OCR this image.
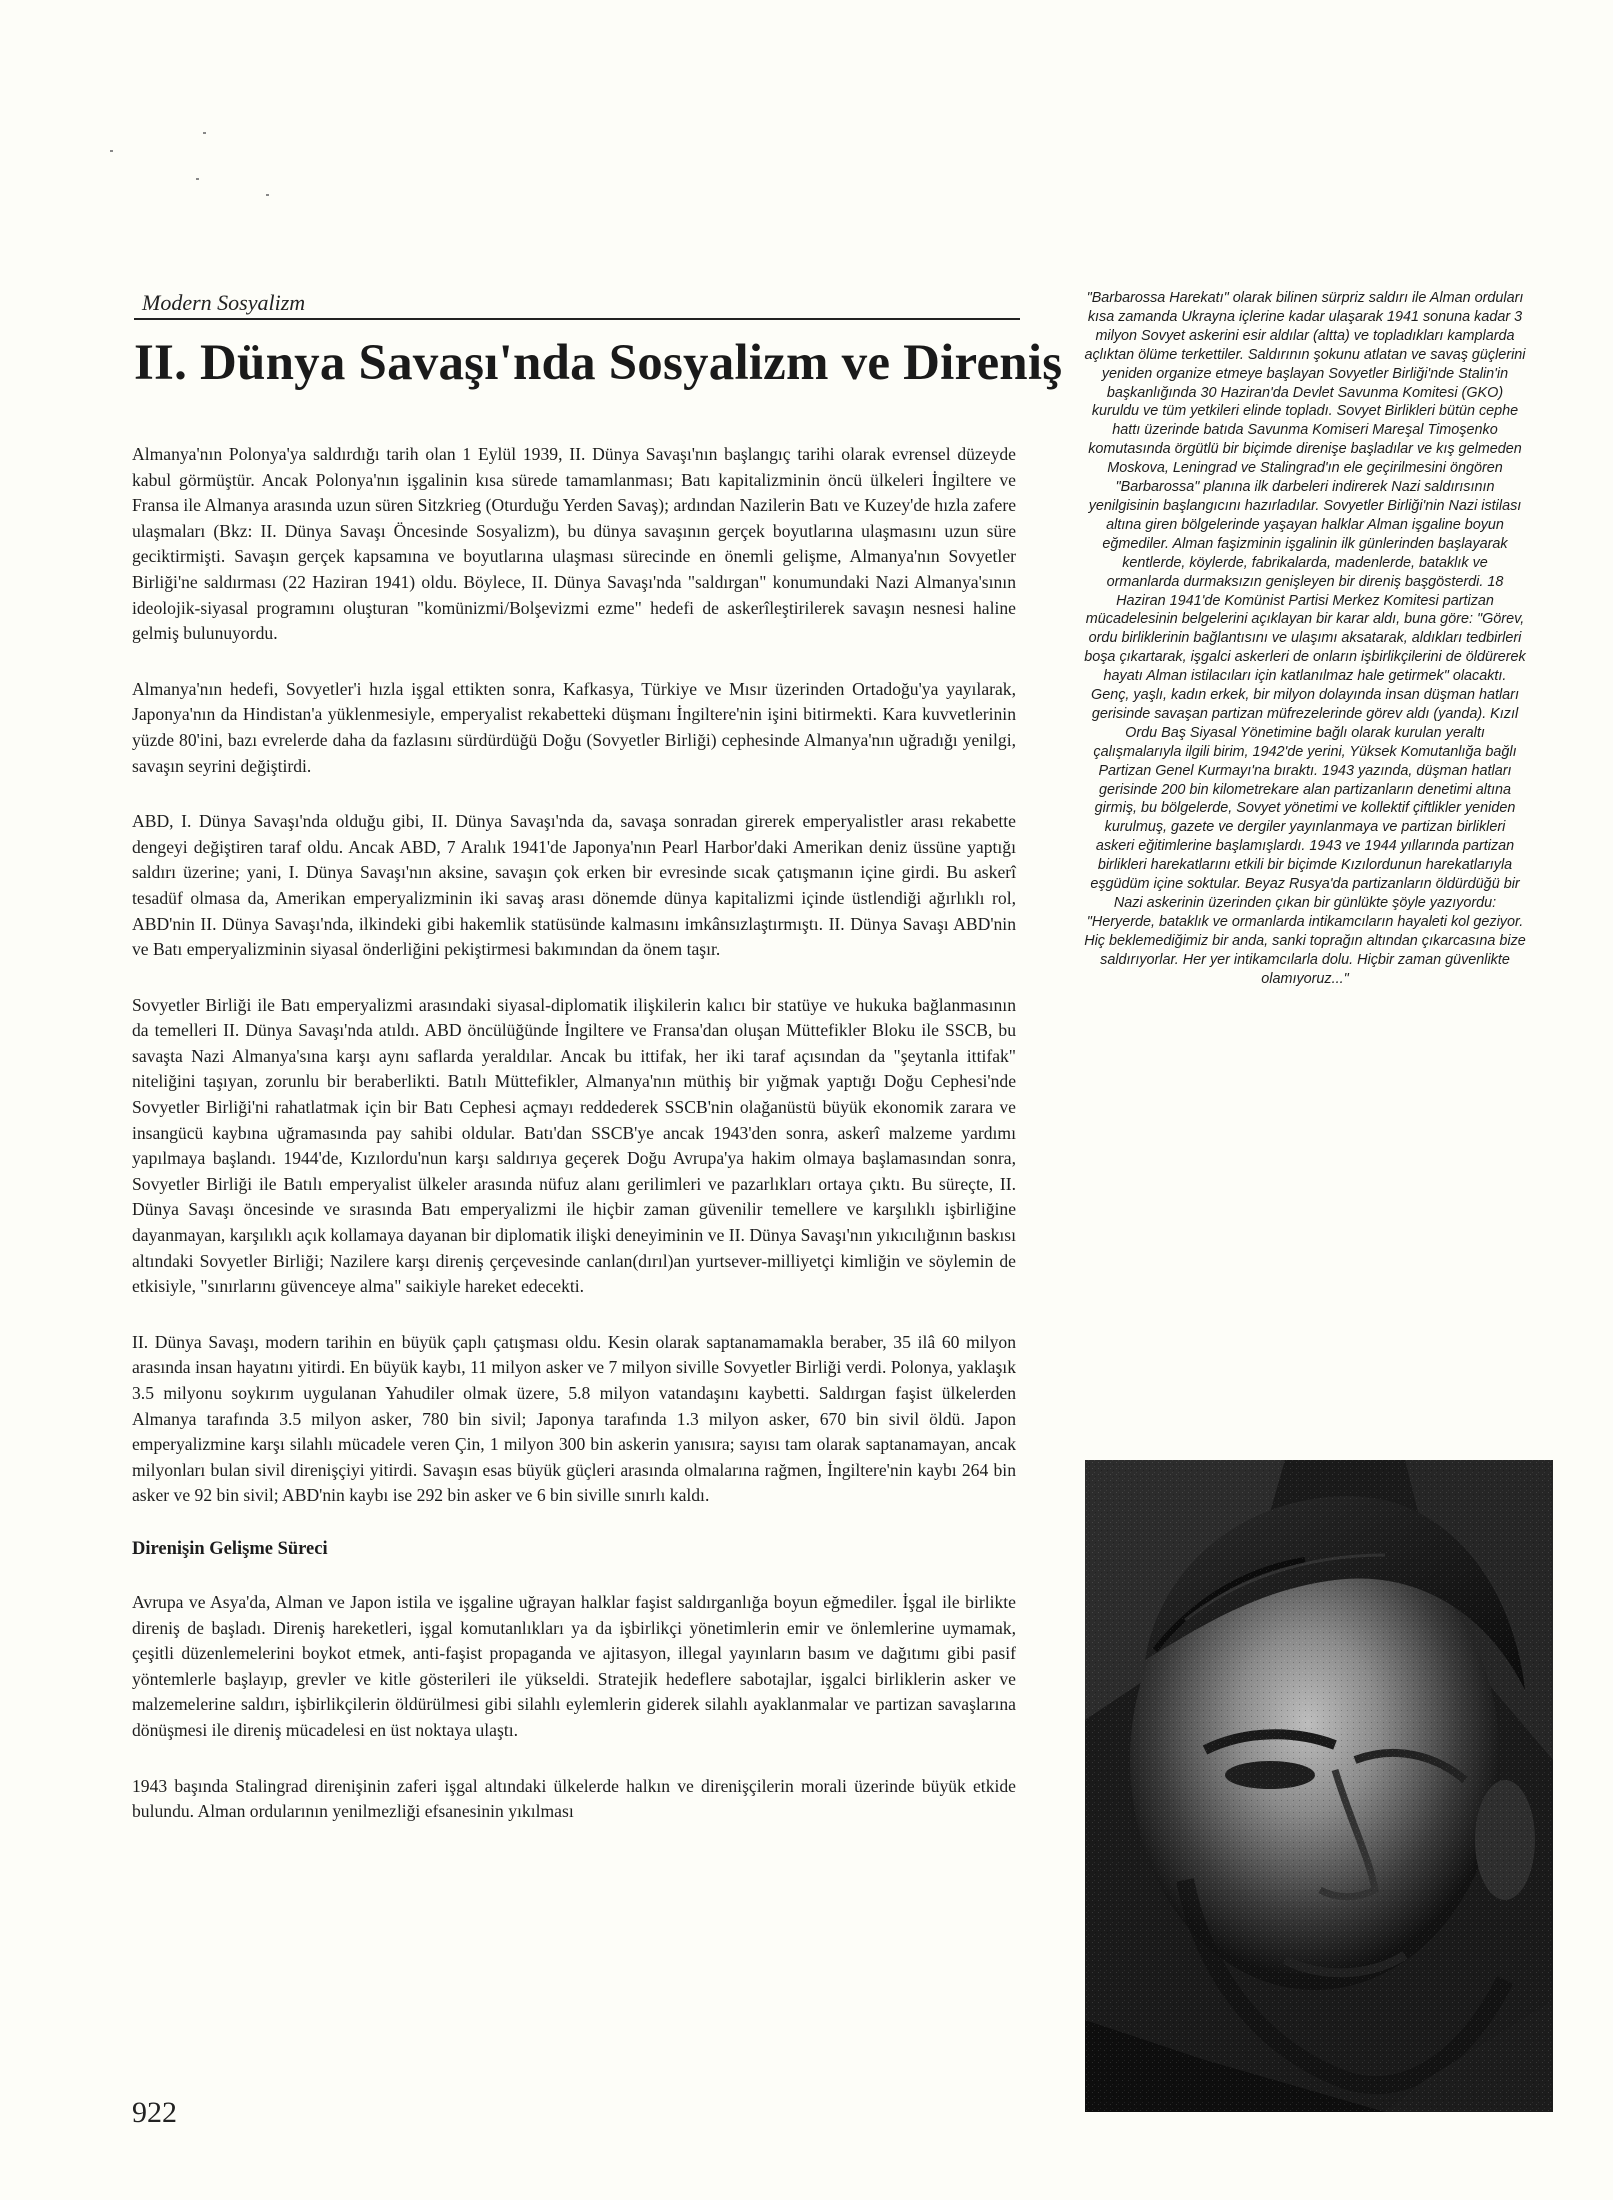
Modern Sosyalizm
II. Dünya Savaşı'nda Sosyalizm ve Direniş

Almanya'nın Polonya'ya saldırdığı tarih olan 1 Eylül 1939, II. Dünya Savaşı'nın başlangıç tarihi olarak evrensel düzeyde kabul görmüştür. Ancak Polonya'nın işgalinin kısa sürede tamamlanması; Batı kapitalizminin öncü ülkeleri İngiltere ve Fransa ile Almanya arasında uzun süren Sitzkrieg (Oturduğu Yerden Savaş); ardından Nazilerin Batı ve Kuzey'de hızla zafere ulaşmaları (Bkz: II. Dünya Savaşı Öncesinde Sosyalizm), bu dünya savaşının gerçek boyutlarına ulaşmasını uzun süre geciktirmişti. Savaşın gerçek kapsamına ve boyutlarına ulaşması sürecinde en önemli gelişme, Almanya'nın Sovyetler Birliği'ne saldırması (22 Haziran 1941) oldu. Böylece, II. Dünya Savaşı'nda "saldırgan" konumundaki Nazi Almanya'sının ideolojik-siyasal programını oluşturan "komünizmi/Bolşevizmi ezme" hedefi de askerîleştirilerek savaşın nesnesi haline gelmiş bulunuyordu.

Almanya'nın hedefi, Sovyetler'i hızla işgal ettikten sonra, Kafkasya, Türkiye ve Mısır üzerinden Ortadoğu'ya yayılarak, Japonya'nın da Hindistan'a yüklenmesiyle, emperyalist rekabetteki düşmanı İngiltere'nin işini bitirmekti. Kara kuvvetlerinin yüzde 80'ini, bazı evrelerde daha da fazlasını sürdürdüğü Doğu (Sovyetler Birliği) cephesinde Almanya'nın uğradığı yenilgi, savaşın seyrini değiştirdi.

ABD, I. Dünya Savaşı'nda olduğu gibi, II. Dünya Savaşı'nda da, savaşa sonradan girerek emperyalistler arası rekabette dengeyi değiştiren taraf oldu. Ancak ABD, 7 Aralık 1941'de Japonya'nın Pearl Harbor'daki Amerikan deniz üssüne yaptığı saldırı üzerine; yani, I. Dünya Savaşı'nın aksine, savaşın çok erken bir evresinde sıcak çatışmanın içine girdi. Bu askerî tesadüf olmasa da, Amerikan emperyalizminin iki savaş arası dönemde dünya kapitalizmi içinde üstlendiği ağırlıklı rol, ABD'nin II. Dünya Savaşı'nda, ilkindeki gibi hakemlik statüsünde kalmasını imkânsızlaştırmıştı. II. Dünya Savaşı ABD'nin ve Batı emperyalizminin siyasal önderliğini pekiştirmesi bakımından da önem taşır.

Sovyetler Birliği ile Batı emperyalizmi arasındaki siyasal-diplomatik ilişkilerin kalıcı bir statüye ve hukuka bağlanmasının da temelleri II. Dünya Savaşı'nda atıldı. ABD öncülüğünde İngiltere ve Fransa'dan oluşan Müttefikler Bloku ile SSCB, bu savaşta Nazi Almanya'sına karşı aynı saflarda yeraldılar. Ancak bu ittifak, her iki taraf açısından da "şeytanla ittifak" niteliğini taşıyan, zorunlu bir beraberlikti. Batılı Müttefikler, Almanya'nın müthiş bir yığmak yaptığı Doğu Cephesi'nde Sovyetler Birliği'ni rahatlatmak için bir Batı Cephesi açmayı reddederek SSCB'nin olağanüstü büyük ekonomik zarara ve insangücü kaybına uğramasında pay sahibi oldular. Batı'dan SSCB'ye ancak 1943'den sonra, askerî malzeme yardımı yapılmaya başlandı. 1944'de, Kızılordu'nun karşı saldırıya geçerek Doğu Avrupa'ya hakim olmaya başlamasından sonra, Sovyetler Birliği ile Batılı emperyalist ülkeler arasında nüfuz alanı gerilimleri ve pazarlıkları ortaya çıktı. Bu süreçte, II. Dünya Savaşı öncesinde ve sırasında Batı emperyalizmi ile hiçbir zaman güvenilir temellere ve karşılıklı işbirliğine dayanmayan, karşılıklı açık kollamaya dayanan bir diplomatik ilişki deneyiminin ve II. Dünya Savaşı'nın yıkıcılığının baskısı altındaki Sovyetler Birliği; Nazilere karşı direniş çerçevesinde canlan(dırıl)an yurtsever-milliyetçi kimliğin ve söylemin de etkisiyle, "sınırlarını güvenceye alma" saikiyle hareket edecekti.

II. Dünya Savaşı, modern tarihin en büyük çaplı çatışması oldu. Kesin olarak saptanamamakla beraber, 35 ilâ 60 milyon arasında insan hayatını yitirdi. En büyük kaybı, 11 milyon asker ve 7 milyon siville Sovyetler Birliği verdi. Polonya, yaklaşık 3.5 milyonu soykırım uygulanan Yahudiler olmak üzere, 5.8 milyon vatandaşını kaybetti. Saldırgan faşist ülkelerden Almanya tarafında 3.5 milyon asker, 780 bin sivil; Japonya tarafında 1.3 milyon asker, 670 bin sivil öldü. Japon emperyalizmine karşı silahlı mücadele veren Çin, 1 milyon 300 bin askerin yanısıra; sayısı tam olarak saptanamayan, ancak milyonları bulan sivil direnişçiyi yitirdi. Savaşın esas büyük güçleri arasında olmalarına rağmen, İngiltere'nin kaybı 264 bin asker ve 92 bin sivil; ABD'nin kaybı ise 292 bin asker ve 6 bin siville sınırlı kaldı.

Direnişin Gelişme Süreci

Avrupa ve Asya'da, Alman ve Japon istila ve işgaline uğrayan halklar faşist saldırganlığa boyun eğmediler. İşgal ile birlikte direniş de başladı. Direniş hareketleri, işgal komutanlıkları ya da işbirlikçi yönetimlerin emir ve önlemlerine uymamak, çeşitli düzenlemelerini boykot etmek, anti-faşist propaganda ve ajitasyon, illegal yayınların basım ve dağıtımı gibi pasif yöntemlerle başlayıp, grevler ve kitle gösterileri ile yükseldi. Stratejik hedeflere sabotajlar, işgalci birliklerin asker ve malzemelerine saldırı, işbirlikçilerin öldürülmesi gibi silahlı eylemlerin giderek silahlı ayaklanmalar ve partizan savaşlarına dönüşmesi ile direniş mücadelesi en üst noktaya ulaştı.

1943 başında Stalingrad direnişinin zaferi işgal altındaki ülkelerde halkın ve direnişçilerin morali üzerinde büyük etkide bulundu. Alman ordularının yenilmezliği efsanesinin yıkılması

"Barbarossa Harekatı" olarak bilinen sürpriz saldırı ile Alman orduları kısa zamanda Ukrayna içlerine kadar ulaşarak 1941 sonuna kadar 3 milyon Sovyet askerini esir aldılar (altta) ve topladıkları kamplarda açlıktan ölüme terkettiler. Saldırının şokunu atlatan ve savaş güçlerini yeniden organize etmeye başlayan Sovyetler Birliği'nde Stalin'in başkanlığında 30 Haziran'da Devlet Savunma Komitesi (GKO) kuruldu ve tüm yetkileri elinde topladı. Sovyet Birlikleri bütün cephe hattı üzerinde batıda Savunma Komiseri Mareşal Timoşenko komutasında örgütlü bir biçimde direnişe başladılar ve kış gelmeden Moskova, Leningrad ve Stalingrad'ın ele geçirilmesini öngören "Barbarossa" planına ilk darbeleri indirerek Nazi saldırısının yenilgisinin başlangıcını hazırladılar. Sovyetler Birliği'nin Nazi istilası altına giren bölgelerinde yaşayan halklar Alman işgaline boyun eğmediler. Alman faşizminin işgalinin ilk günlerinden başlayarak kentlerde, köylerde, fabrikalarda, madenlerde, bataklık ve ormanlarda durmaksızın genişleyen bir direniş başgösterdi. 18 Haziran 1941'de Komünist Partisi Merkez Komitesi partizan mücadelesinin belgelerini açıklayan bir karar aldı, buna göre: "Görev, ordu birliklerinin bağlantısını ve ulaşımı aksatarak, aldıkları tedbirleri boşa çıkartarak, işgalci askerleri de onların işbirlikçilerini de öldürerek hayatı Alman istilacıları için katlanılmaz hale getirmek" olacaktı. Genç, yaşlı, kadın erkek, bir milyon dolayında insan düşman hatları gerisinde savaşan partizan müfrezelerinde görev aldı (yanda). Kızıl Ordu Baş Siyasal Yönetimine bağlı olarak kurulan yeraltı çalışmalarıyla ilgili birim, 1942'de yerini, Yüksek Komutanlığa bağlı Partizan Genel Kurmayı'na bıraktı. 1943 yazında, düşman hatları gerisinde 200 bin kilometrekare alan partizanların denetimi altına girmiş, bu bölgelerde, Sovyet yönetimi ve kollektif çiftlikler yeniden kurulmuş, gazete ve dergiler yayınlanmaya ve partizan birlikleri askeri eğitimlerine başlamışlardı. 1943 ve 1944 yıllarında partizan birlikleri harekatlarını etkili bir biçimde Kızılordunun harekatlarıyla eşgüdüm içine soktular. Beyaz Rusya'da partizanların öldürdüğü bir Nazi askerinin üzerinden çıkan bir günlükte şöyle yazıyordu: "Heryerde, bataklık ve ormanlarda intikamcıların hayaleti kol geziyor. Hiç beklemediğimiz bir anda, sanki toprağın altından çıkarcasına bize saldırıyorlar. Her yer intikamcılarla dolu. Hiçbir zaman güvenlikte olamıyoruz..."
922
